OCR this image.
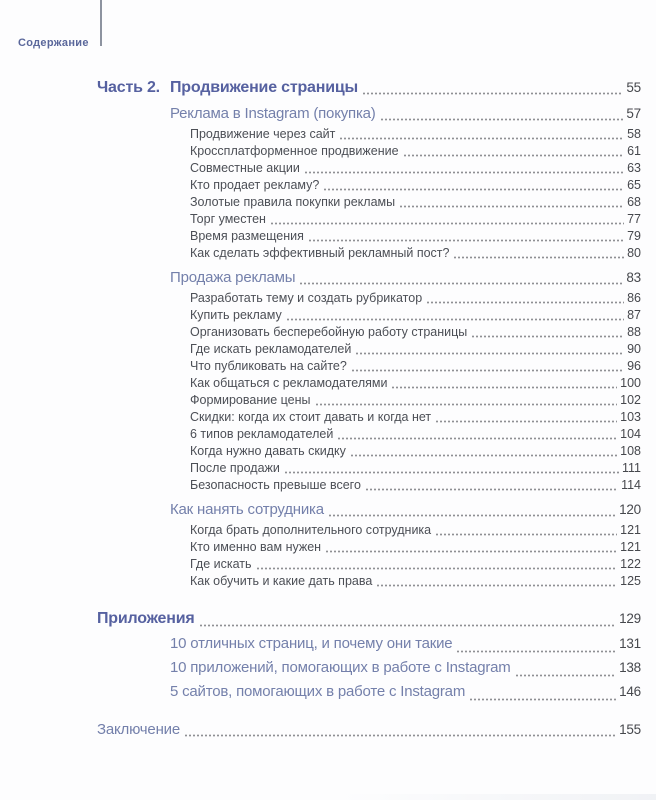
Содержание
Часть 2. Продвижение страницы	55
Реклама в Instagram (покупка)	57
Продвижение через сайт	58
Кроссплатформенное продвижение	61
Совместные акции	63
Кто продает рекламу?	65
Золотые правила покупки рекламы	68
Торг уместен	77
Время размещения	79
Как сделать эффективный рекламный пост?	80
Продажа рекламы	83
Разработать тему и создать рубрикатор	86
Купить рекламу	87
Организовать бесперебойную работу страницы	88
Где искать рекламодателей	90
Что публиковать на сайте?	96
Как общаться с рекламодателями	100
Формирование цены	102
Скидки: когда их стоит давать и когда нет	103
6 типов рекламодателей	104
Когда нужно давать скидку	108
После продажи	111
Безопасность превыше всего	114
Как нанять сотрудника	120
Когда брать дополнительного сотрудника	121
Кто именно вам нужен	121
Где искать	122
Как обучить и какие дать права	125
Приложения	129
10 отличных страниц, и почему они такие	131
10 приложений, помогающих в работе с Instagram	138
5 сайтов, помогающих в работе с Instagram	146
Заключение	155
